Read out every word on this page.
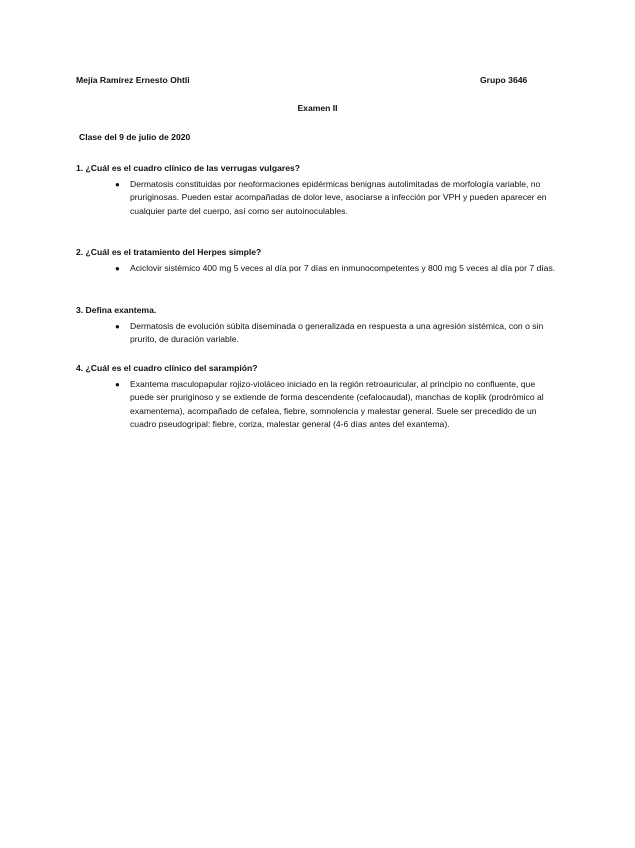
Mejía Ramírez Ernesto Ohtli	Grupo 3646
Examen II
Clase del 9 de julio de 2020

1. ¿Cuál es el cuadro clínico de las verrugas vulgares?

● Dermatosis constituidas por neoformaciones epidérmicas benignas autolimitadas de morfología variable, no pruriginosas. Pueden estar acompañadas de dolor leve, asociarse a infección por VPH y pueden aparecer en cualquier parte del cuerpo, así como ser autoinoculables.

2. ¿Cuál es el tratamiento del Herpes simple?

● Aciclovir sistémico 400 mg 5 veces al día por 7 días en inmunocompetentes y 800 mg 5 veces al día por 7 días.

3. Defina exantema.

● Dermatosis de evolución súbita diseminada o generalizada en respuesta a una agresión sistémica, con o sin prurito, de duración variable.

4. ¿Cuál es el cuadro clínico del sarampión?

● Exantema maculopapular rojizo-violáceo iniciado en la región retroauricular, al principio no confluente, que puede ser pruriginoso y se extiende de forma descendente (cefalocaudal), manchas de koplik (prodrómico al examentema), acompañado de cefalea, fiebre, somnolencia y malestar general. Suele ser precedido de un cuadro pseudogripal: fiebre, coriza, malestar general (4-6 días antes del exantema).
